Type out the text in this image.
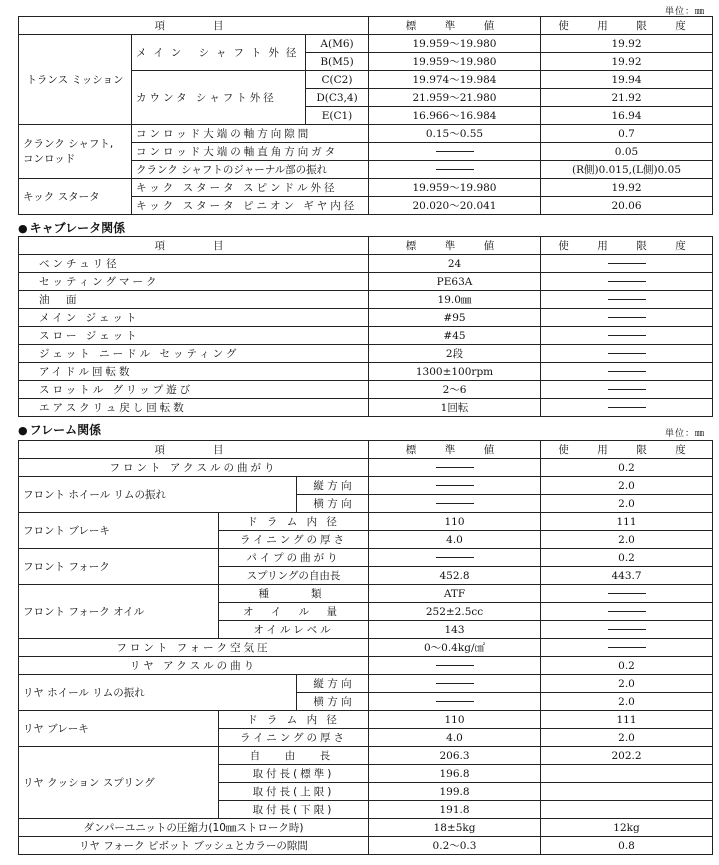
単位：㎜
項　　目			標　準　値	使　用　限　度
トランス ミッション	メイン シャフト外径	A(M6)	19.959～19.980	19.92
		B(M5)	19.959～19.980	19.92
	カウンタ シャフト外径	C(C2)	19.974～19.984	19.94
		D(C3,4)	21.959～21.980	21.92
		E(C1)	16.966～16.984	16.94
クランク シャフト, コンロッド	コンロッド大端の軸方向隙間		0.15～0.55	0.7
	コンロッド大端の軸直角方向ガタ			0.05
	クランク シャフトのジャーナル部の振れ			(R側)0.015,(L側)0.05
キック スタータ	キック スタータ スピンドル外径		19.959～19.980	19.92
	キック スタータ ピニオン ギヤ内径		20.020～20.041	20.06
● キャブレータ関係
項　　目	標　準　値	使　用　限　度
ベンチュリ径	24	
セッティングマーク	PE63A	
油　面	19.0㎜	
メイン ジェット	#95	
スロー ジェット	#45	
ジェット ニードル セッティング	2段	
アイドル回転数	1300±100rpm	
スロットル グリップ遊び	2～6	
エアスクリュ戻し回転数	1回転	
● フレーム関係	単位：㎜
項　　目			標　準　値	使　用　限　度
フロント アクスルの曲がり				0.2
フロント ホイール リムの振れ		縦 方 向		2.0
		横 方 向		2.0
フロント ブレーキ	ド ラ ム 内 径		110	111
	ライニングの厚さ		4.0	2.0
フロント フォーク	パイプの曲がり			0.2
	スプリングの自由長		452.8	443.7
フロント フォーク オイル	種　　類		ATF	
	オ イ ル 量		252±2.5cc	
	オイルレベル		143	
フロント フォーク空気圧			0～0.4kg/㎠	
リヤ アクスルの曲り				0.2
リヤ ホイール リムの振れ		縦 方 向		2.0
		横 方 向		2.0
リヤ ブレーキ	ド ラ ム 内 径		110	111
	ライニングの厚さ		4.0	2.0
リヤ クッション スプリング	自　由　長		206.3	202.2
	取付長(標準)		196.8	
	取付長(上限)		199.8	
	取付長(下限)		191.8	
ダンパーユニットの圧縮力(10㎜ストローク時)			18±5kg	12kg
リヤ フォーク ピボット ブッシュとカラーの隙間			0.2～0.3	0.8
